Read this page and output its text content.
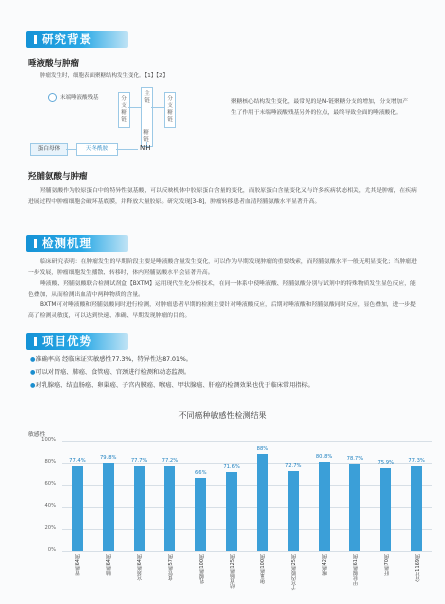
研究背景
唾液酸与肿瘤
肿瘤发生时，细胞表面聚糖结构发生变化。【1】【2】
末端唾液酸残基	分支糖链
主链	分支糖链
糖链
蛋白母体	天冬酰胺	NH
聚糖核心结构发生变化，最常见的是N-链聚糖分支的增加，分支增加产生了作用于末端唾液酸残基另外的位点，最终导致全面的唾液酸化。
羟脯氨酸与肿瘤
羟脯氨酸作为胶原蛋白中的特异性氨基酸，可以反映机体中胶原蛋白含量的变化，而胶原蛋白含量变化又与许多疾病状态相关，尤其是肿瘤，在疾病进展过程中肿瘤细胞会破坏基底膜，并释放大量胶原。研究发现[3-8]，肿瘤转移患者血清羟脯氨酸水平显著升高。
检测机理
临床研究表明：在肿瘤发生的早期阶段主要是唾液酸含量发生变化，可以作为早期发现肿瘤的重要线索，而羟脯氨酸水平一般无明显变化；当肿瘤进一步发展，肿瘤细胞发生播散、转移时，体内羟脯氨酸水平会显著升高。
唾液酸、羟脯氨酸联合检测试剂盒【BXTM】运用现代生化分析技术，在同一体系中使唾液酸、羟脯氨酸分别与试剂中的特殊物质发生显色反应，能色叠加，从而检测出血清中两种物质的含量。
BXTM可对唾液酸和羟脯氨酸同时进行检测，对肿瘤患者早期的检测主要针对唾液酸反应，后期对唾液酸和羟脯氨酸同时反应，显色叠加，进一步提高了检测灵敏度，可以达到快速、准确、早期发现肿瘤的目的。
项目优势
●准确率高 经临床证实敏感性77.3%，特异性达87.01%。
●可以对胃癌、肺癌、食管癌、宫颈进行检测和动态监测。
●对乳腺癌、结直肠癌、卵巢癌、子宫内膜癌、喉癌、甲状腺癌、肝癌的检测效果也优于临床常用指标。
不同癌种敏感性检测结果
敏感性
77.4%	79.8%	77.7%	77.2%
66%
71.6%
88%
72.7%
80.8%	78.7%
75.9%	77.3%
0%
20%
40%
60%
80%
100%
胃癌64例	肺癌64例	宫颈癌64例	食管癌57例	乳腺癌100例	结直肠癌125例	卵巢癌100例	子宫内膜癌25例	喉癌42例	甲状腺癌61例	肝癌70例	合计1169例
